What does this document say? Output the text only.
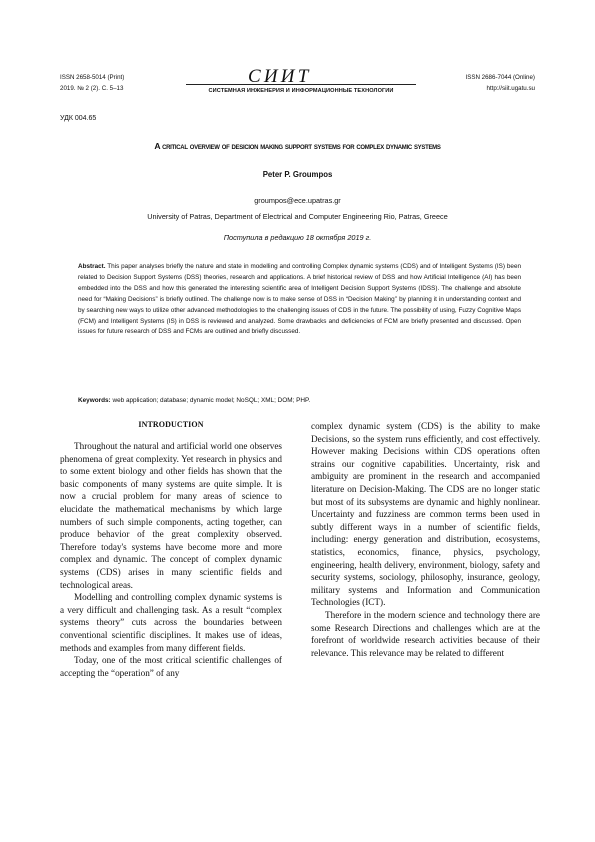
ISSN 2658-5014 (Print)
2019. № 2 (2). С. 5–13
СИИТ
СИСТЕМНАЯ ИНЖЕНЕРИЯ И ИНФОРМАЦИОННЫЕ ТЕХНОЛОГИИ
ISSN 2686-7044 (Online)
http://siit.ugatu.su
УДК 004.65
A critical overview of desicion making support systems for complex dynamic systems
Peter P. Groumpos
groumpos@ece.upatras.gr
University of Patras, Department of Electrical and Computer Engineering Rio, Patras, Greece
Поступила в редакцию 18 октября 2019 г.
Abstract. This paper analyses briefly the nature and state in modelling and controlling Complex dynamic systems (CDS) and of Intelligent Systems (IS) been related to Decision Support Systems (DSS) theories, research and applications. A brief historical review of DSS and how Artificial Intelligence (AI) has been embedded into the DSS and how this generated the interesting scientific area of Intelligent Decision Support Systems (IDSS). The challenge and absolute need for “Making Decisions” is briefly outlined. The challenge now is to make sense of DSS in “Decision Making’’ by planning it in understanding context and by searching new ways to utilize other advanced methodologies to the challenging issues of CDS in the future. The possibility of using, Fuzzy Cognitive Maps (FCM) and Intelligent Systems (IS) in DSS is reviewed and analyzed. Some drawbacks and deficiencies of FCM are briefly presented and discussed. Open issues for future research of DSS and FCMs are outlined and briefly discussed.
Keywords: web application; database; dynamic model; NoSQL; XML; DOM; PHP.
INTRODUCTION

Throughout the natural and artificial world one observes phenomena of great complexity. Yet research in physics and to some extent biology and other fields has shown that the basic components of many systems are quite simple. It is now a crucial problem for many areas of science to elucidate the mathematical mechanisms by which large numbers of such simple components, acting together, can produce behavior of the great complexity observed. Therefore today's systems have become more and more complex and dynamic. The concept of complex dynamic systems (CDS) arises in many scientific fields and technological areas.

Modelling and controlling complex dynamic systems is a very difficult and challenging task. As a result “complex systems theory” cuts across the boundaries between conventional scientific disciplines. It makes use of ideas, methods and examples from many different fields.

Today, one of the most critical scientific challenges of accepting the “operation” of any

complex dynamic system (CDS) is the ability to make Decisions, so the system runs efficiently, and cost effectively. However making Decisions within CDS operations often strains our cognitive capabilities. Uncertainty, risk and ambiguity are prominent in the research and accompanied literature on Decision-Making. The CDS are no longer static but most of its subsystems are dynamic and highly nonlinear. Uncertainty and fuzziness are common terms been used in subtly different ways in a number of scientific fields, including: energy generation and distribution, ecosystems, statistics, economics, finance, physics, psychology, engineering, health delivery, environment, biology, safety and security systems, sociology, philosophy, insurance, geology, military systems and Information and Communication Technologies (ICT).

Therefore in the modern science and technology there are some Research Directions and challenges which are at the forefront of worldwide research activities because of their relevance. This relevance may be related to different
